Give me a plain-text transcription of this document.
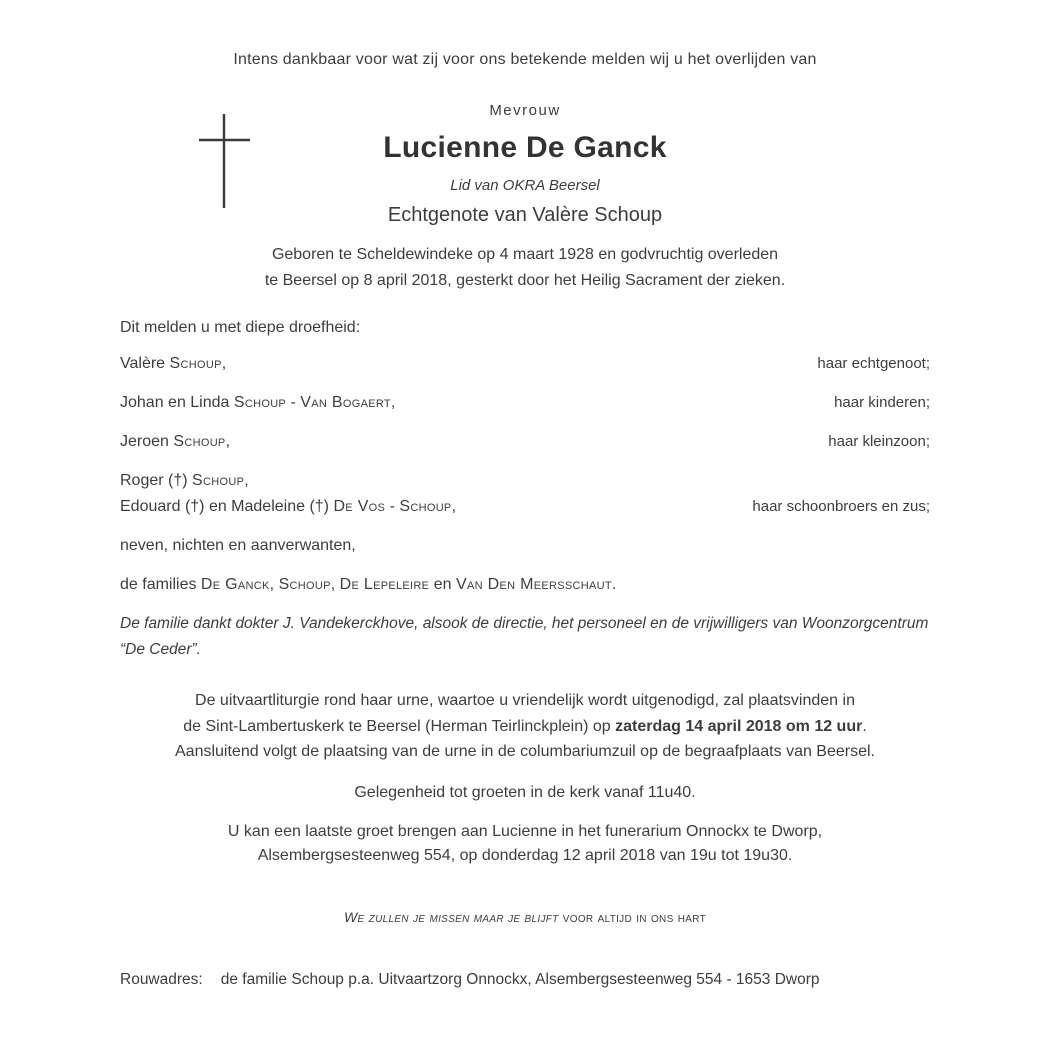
Intens dankbaar voor wat zij voor ons betekende melden wij u het overlijden van
Mevrouw
Lucienne De Ganck
Lid van OKRA Beersel
Echtgenote van Valère Schoup
Geboren te Scheldewindeke op 4 maart 1928 en godvruchtig overleden
te Beersel op 8 april 2018, gesterkt door het Heilig Sacrament der zieken.
Dit melden u met diepe droefheid:
Valère Schoup,	haar echtgenoot;
Johan en Linda Schoup - Van Bogaert,	haar kinderen;
Jeroen Schoup,	haar kleinzoon;
Roger (†) Schoup,
Edouard (†) en Madeleine (†) De Vos - Schoup,	haar schoonbroers en zus;
neven, nichten en aanverwanten,
de families De Ganck, Schoup, De Lepeleire en Van Den Meersschaut.
De familie dankt dokter J. Vandekerckhove, alsook de directie, het personeel en de vrijwilligers van Woonzorgcentrum “De Ceder”.
De uitvaartliturgie rond haar urne, waartoe u vriendelijk wordt uitgenodigd, zal plaatsvinden in
de Sint-Lambertuskerk te Beersel (Herman Teirlinckplein) op zaterdag 14 april 2018 om 12 uur.
Aansluitend volgt de plaatsing van de urne in de columbariumzuil op de begraafplaats van Beersel.
Gelegenheid tot groeten in de kerk vanaf 11u40.
U kan een laatste groet brengen aan Lucienne in het funerarium Onnockx te Dworp,
Alsembergsesteenweg 554, op donderdag 12 april 2018 van 19u tot 19u30.
We zullen je missen maar je blijft voor altijd in ons hart
Rouwadres: de familie Schoup p.a. Uitvaartzorg Onnockx, Alsembergsesteenweg 554 - 1653 Dworp
